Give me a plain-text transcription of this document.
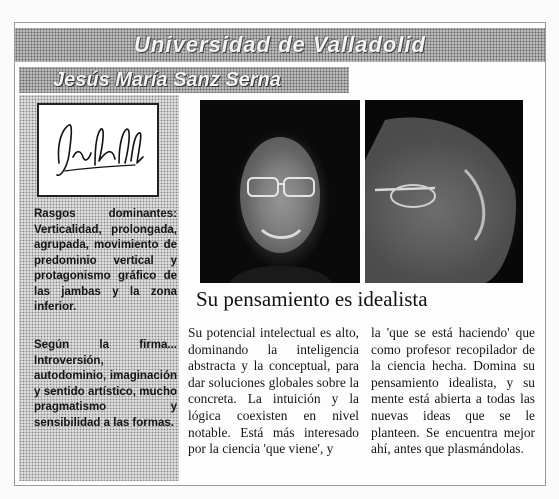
Universidad de Valladolid
Jesús María Sanz Serna
Rasgos dominantes: Verticalidad, prolongada, agrupada, movimiento de predominio vertical y protagonismo gráfico de las jambas y la zona inferior.
Según la firma... Introversión, autodominio, imaginación y sentido artístico, mucho pragmatismo y sensibilidad a las formas.
Su pensamiento es idealista
Su potencial intelectual es alto, dominando la inteligencia abstracta y la conceptual, para dar soluciones globales sobre la concreta. La intuición y la lógica coexisten en nivel notable. Está más interesado por la ciencia 'que viene', y
la 'que se está haciendo' que como profesor recopilador de la ciencia hecha. Domina su pensamiento idealista, y su mente está abierta a todas las nuevas ideas que se le planteen. Se encuentra mejor ahí, antes que plasmándolas.
